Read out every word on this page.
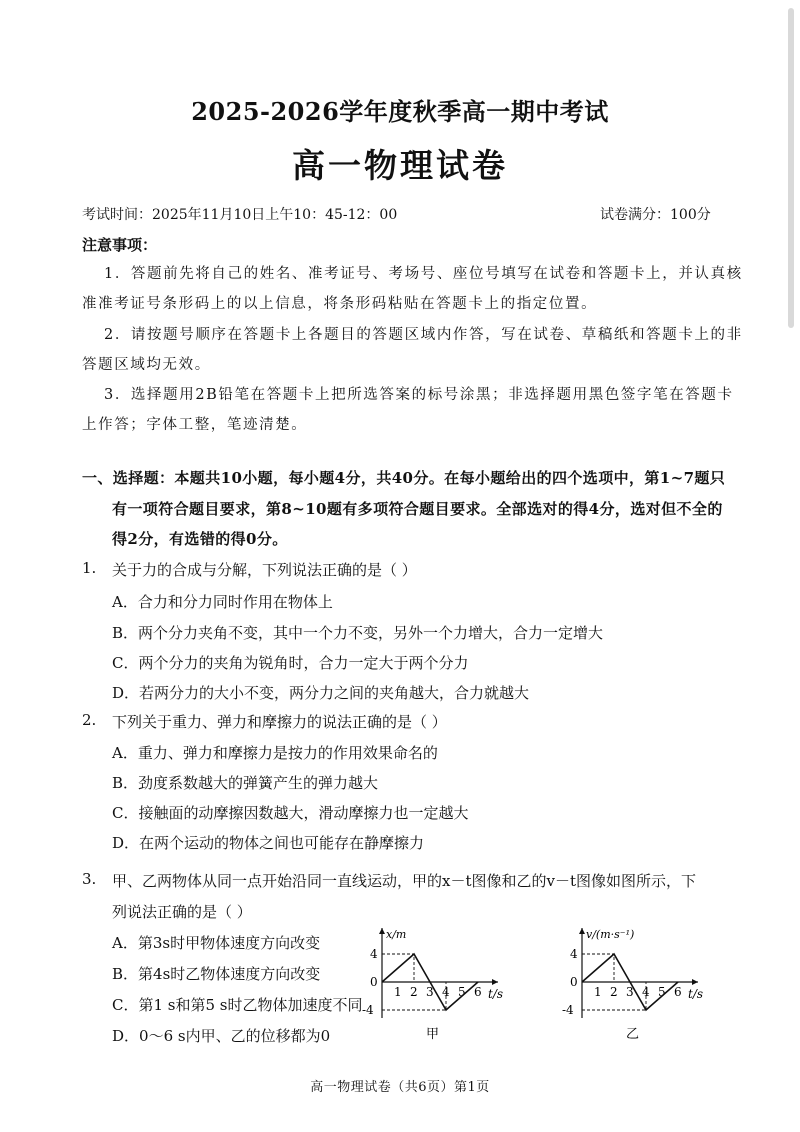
2025-2026学年度秋季高一期中考试
高一物理试卷
考试时间：2025年11月10日上午10：45-12：00	试卷满分：100分
注意事项：
1．答题前先将自己的姓名、准考证号、考场号、座位号填写在试卷和答题卡上，并认真核
准准考证号条形码上的以上信息，将条形码粘贴在答题卡上的指定位置。
2．请按题号顺序在答题卡上各题目的答题区域内作答，写在试卷、草稿纸和答题卡上的非
答题区域均无效。
3．选择题用2B铅笔在答题卡上把所选答案的标号涂黑；非选择题用黑色签字笔在答题卡
上作答；字体工整，笔迹清楚。
一、选择题：本题共10小题，每小题4分，共40分。在每小题给出的四个选项中，第1~7题只
有一项符合题目要求，第8~10题有多项符合题目要求。全部选对的得4分，选对但不全的
得2分，有选错的得0分。
1. 关于力的合成与分解，下列说法正确的是（ ）
A．合力和分力同时作用在物体上
B．两个分力夹角不变，其中一个力不变，另外一个力增大，合力一定增大
C．两个分力的夹角为锐角时，合力一定大于两个分力
D．若两分力的大小不变，两分力之间的夹角越大，合力就越大
2. 下列关于重力、弹力和摩擦力的说法正确的是（ ）
A．重力、弹力和摩擦力是按力的作用效果命名的
B．劲度系数越大的弹簧产生的弹力越大
C．接触面的动摩擦因数越大，滑动摩擦力也一定越大
D．在两个运动的物体之间也可能存在静摩擦力
3. 甲、乙两物体从同一点开始沿同一直线运动，甲的x－t图像和乙的v－t图像如图所示，下
列说法正确的是（ ）
A．第3s时甲物体速度方向改变
B．第4s时乙物体速度方向改变
C．第1 s和第5 s时乙物体加速度不同
D．0～6 s内甲、乙的位移都为0
x/m
t/s
0
4
-4
1 2 3 4 5 6
甲
v/(m·s⁻¹)
t/s
0
4
-4
1 2 3 4 5 6
乙
高一物理试卷（共6页）第1页
